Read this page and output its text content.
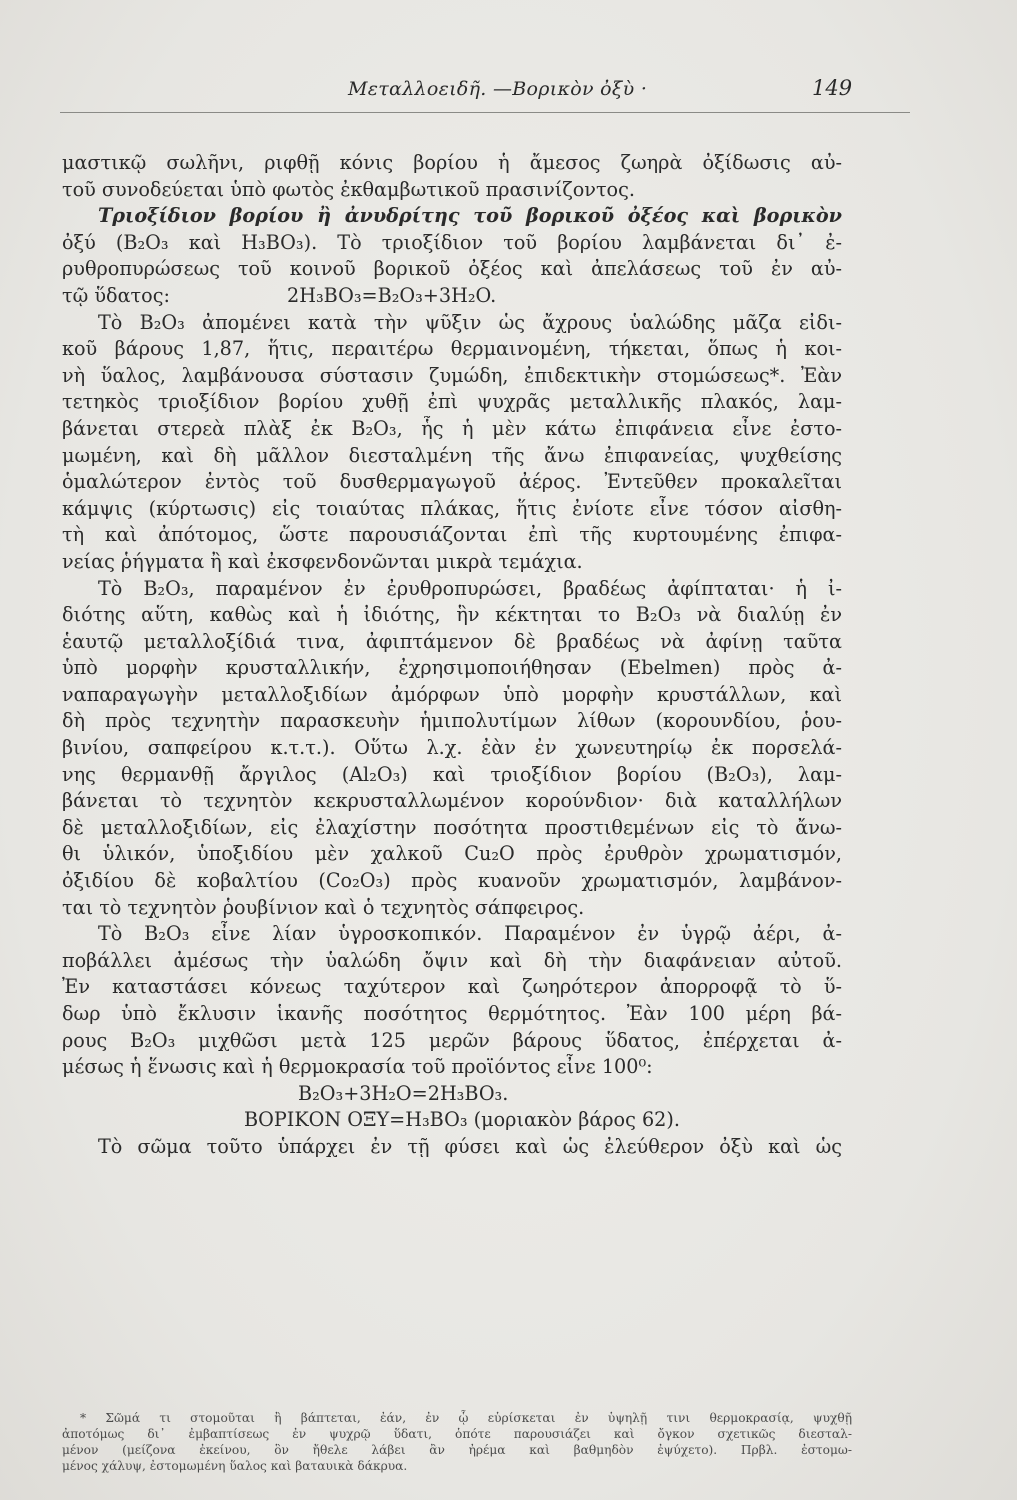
Μεταλλοειδῆ. —Βορικὸν ὀξὺ ·	149
μαστικῷ σωλῆνι, ριφθῇ κόνις βορίου ἡ ἄμεσος ζωηρὰ ὀξίδωσις αὐ-
τοῦ συνοδεύεται ὑπὸ φωτὸς ἐκθαμβωτικοῦ πρασινίζοντος.
Τριοξίδιον βορίου ἢ ἀνυδρίτης τοῦ βορικοῦ ὀξέος καὶ βορικὸν
ὀξύ (B₂O₃ καὶ H₃BO₃). Τὸ τριοξίδιον τοῦ βορίου λαμβάνεται δι᾽ ἐ-
ρυθροπυρώσεως τοῦ κοινοῦ βορικοῦ ὀξέος καὶ ἀπελάσεως τοῦ ἐν αὐ-
τῷ ὕδατος:	2H₃BO₃=B₂O₃+3H₂O.
Τὸ B₂O₃ ἀπομένει κατὰ τὴν ψῦξιν ὡς ἄχρους ὑαλώδης μᾶζα εἰδι-
κοῦ βάρους 1,87, ἥτις, περαιτέρω θερμαινομένη, τήκεται, ὅπως ἡ κοι-
νὴ ὕαλος, λαμβάνουσα σύστασιν ζυμώδη, ἐπιδεκτικὴν στομώσεως*. Ἐὰν
τετηκὸς τριοξίδιον βορίου χυθῇ ἐπὶ ψυχρᾶς μεταλλικῆς πλακός, λαμ-
βάνεται στερεὰ πλὰξ ἐκ B₂O₃, ἧς ἡ μὲν κάτω ἐπιφάνεια εἶνε ἐστο-
μωμένη, καὶ δὴ μᾶλλον διεσταλμένη τῆς ἄνω ἐπιφανείας, ψυχθείσης
ὁμαλώτερον ἐντὸς τοῦ δυσθερμαγωγοῦ ἀέρος. Ἐντεῦθεν προκαλεῖται
κάμψις (κύρτωσις) εἰς τοιαύτας πλάκας, ἥτις ἐνίοτε εἶνε τόσον αἰσθη-
τὴ καὶ ἀπότομος, ὥστε παρουσιάζονται ἐπὶ τῆς κυρτουμένης ἐπιφα-
νείας ῥήγματα ἢ καὶ ἐκσφενδονῶνται μικρὰ τεμάχια.
Τὸ B₂O₃, παραμένον ἐν ἐρυθροπυρώσει, βραδέως ἀφίπταται· ἡ ἰ-
διότης αὕτη, καθὼς καὶ ἡ ἰδιότης, ἣν κέκτηται το B₂O₃ νὰ διαλύῃ ἐν
ἑαυτῷ μεταλλοξίδιά τινα, ἀφιπτάμενον δὲ βραδέως νὰ ἀφίνῃ ταῦτα
ὑπὸ μορφὴν κρυσταλλικήν, ἐχρησιμοποιήθησαν (Ebelmen) πρὸς ἀ-
ναπαραγωγὴν μεταλλοξιδίων ἀμόρφων ὑπὸ μορφὴν κρυστάλλων, καὶ
δὴ πρὸς τεχνητὴν παρασκευὴν ἡμιπολυτίμων λίθων (κορουνδίου, ῥου-
βινίου, σαπφείρου κ.τ.τ.). Οὕτω λ.χ. ἐὰν ἐν χωνευτηρίῳ ἐκ πορσελά-
νης θερμανθῇ ἄργιλος (Al₂O₃) καὶ τριοξίδιον βορίου (B₂O₃), λαμ-
βάνεται τὸ τεχνητὸν κεκρυσταλλωμένον κορούνδιον· διὰ καταλλήλων
δὲ μεταλλοξιδίων, εἰς ἐλαχίστην ποσότητα προστιθεμένων εἰς τὸ ἄνω-
θι ὑλικόν, ὑποξιδίου μὲν χαλκοῦ Cu₂O πρὸς ἐρυθρὸν χρωματισμόν,
ὀξιδίου δὲ κοβαλτίου (Co₂O₃) πρὸς κυανοῦν χρωματισμόν, λαμβάνον-
ται τὸ τεχνητὸν ῥουβίνιον καὶ ὁ τεχνητὸς σάπφειρος.
Τὸ B₂O₃ εἶνε λίαν ὑγροσκοπικόν. Παραμένον ἐν ὑγρῷ ἀέρι, ἀ-
ποβάλλει ἀμέσως τὴν ὑαλώδη ὄψιν καὶ δὴ τὴν διαφάνειαν αὐτοῦ.
Ἐν καταστάσει κόνεως ταχύτερον καὶ ζωηρότερον ἀπορροφᾷ τὸ ὕ-
δωρ ὑπὸ ἔκλυσιν ἱκανῆς ποσότητος θερμότητος. Ἐὰν 100 μέρη βά-
ρους B₂O₃ μιχθῶσι μετὰ 125 μερῶν βάρους ὕδατος, ἐπέρχεται ἀ-
μέσως ἡ ἕνωσις καὶ ἡ θερμοκρασία τοῦ προϊόντος εἶνε 100⁰:
B₂O₃+3H₂O=2H₃BO₃.
ΒΟΡΙΚΟΝ ΟΞΥ=H₃BO₃ (μοριακὸν βάρος 62).
Τὸ σῶμα τοῦτο ὑπάρχει ἐν τῇ φύσει καὶ ὡς ἐλεύθερον ὀξὺ καὶ ὡς
* Σῶμά τι στομοῦται ἢ βάπτεται, ἐάν, ἐν ᾧ εὑρίσκεται ἐν ὑψηλῇ τινι θερμοκρασίᾳ, ψυχθῇ
ἀποτόμως δι᾽ ἐμβαπτίσεως ἐν ψυχρῷ ὕδατι, ὁπότε παρουσιάζει καὶ ὄγκον σχετικῶς διεσταλ-
μένον (μείζονα ἐκείνου, ὃν ἤθελε λάβει ἂν ἠρέμα καὶ βαθμηδὸν ἐψύχετο). Πρβλ. ἐστομω-
μένος χάλυψ, ἐστομωμένη ὕαλος καὶ βαταυικὰ δάκρυα.
